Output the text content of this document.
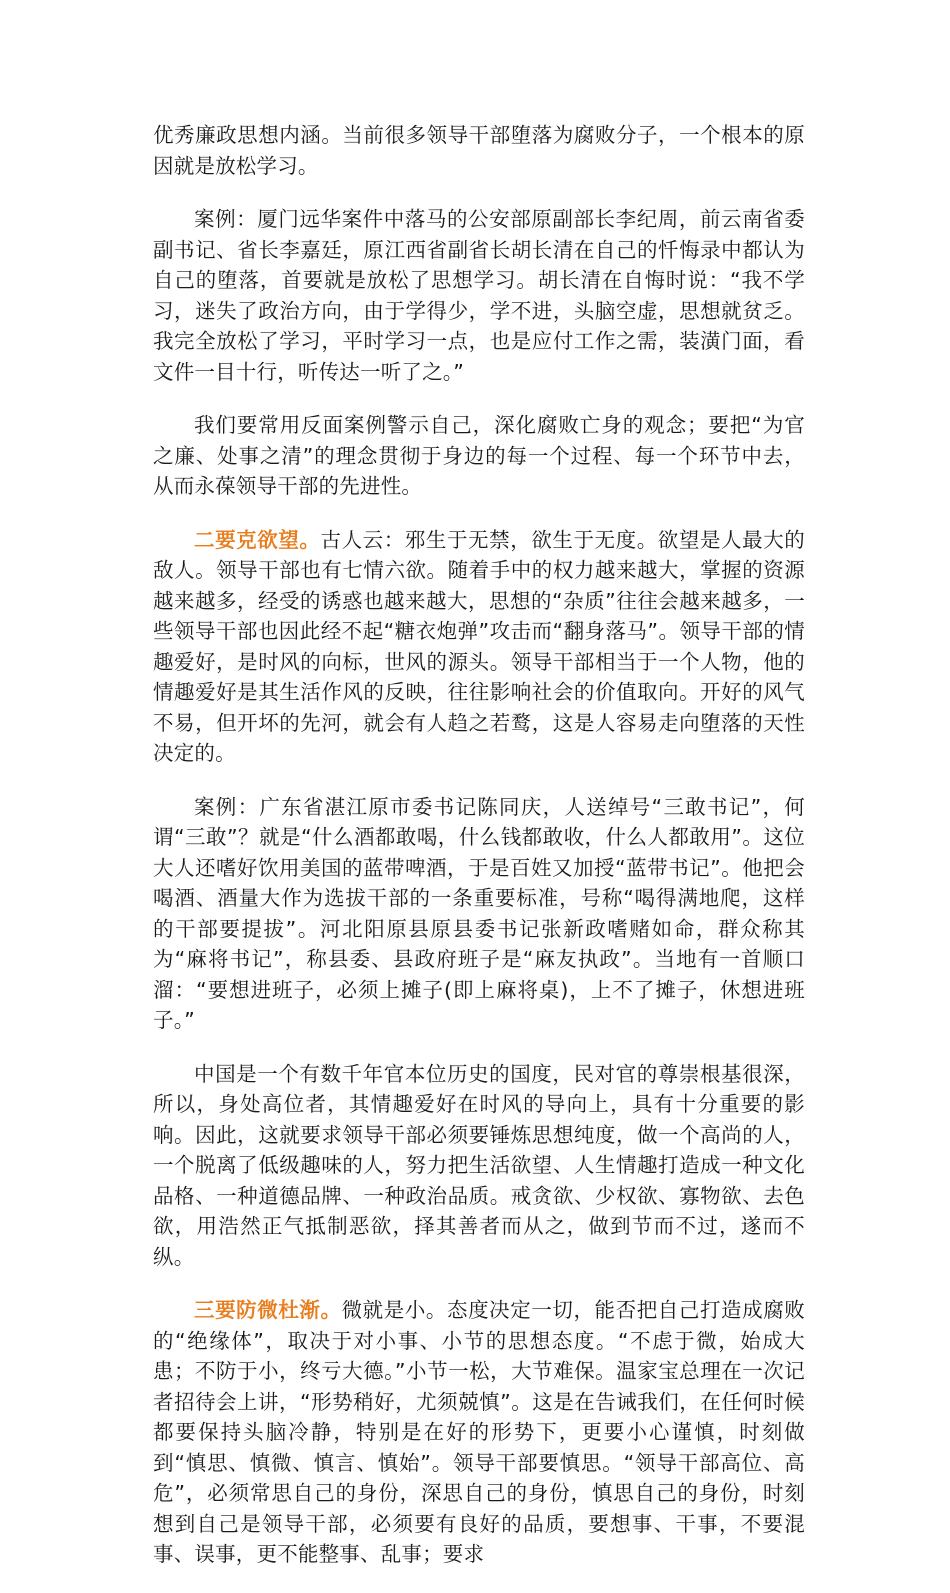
优秀廉政思想内涵。当前很多领导干部堕落为腐败分子，一个根本的原因就是放松学习。

案例：厦门远华案件中落马的公安部原副部长李纪周，前云南省委副书记、省长李嘉廷，原江西省副省长胡长清在自己的忏悔录中都认为自己的堕落，首要就是放松了思想学习。胡长清在自悔时说：“我不学习，迷失了政治方向，由于学得少，学不进，头脑空虚，思想就贫乏。我完全放松了学习，平时学习一点，也是应付工作之需，装潢门面，看文件一目十行，听传达一听了之。”

我们要常用反面案例警示自己，深化腐败亡身的观念；要把“为官之廉、处事之清”的理念贯彻于身边的每一个过程、每一个环节中去，从而永葆领导干部的先进性。

二要克欲望。古人云：邪生于无禁，欲生于无度。欲望是人最大的敌人。领导干部也有七情六欲。随着手中的权力越来越大，掌握的资源越来越多，经受的诱惑也越来越大，思想的“杂质”往往会越来越多，一些领导干部也因此经不起“糖衣炮弹”攻击而“翻身落马”。领导干部的情趣爱好，是时风的向标，世风的源头。领导干部相当于一个人物，他的情趣爱好是其生活作风的反映，往往影响社会的价值取向。开好的风气不易，但开坏的先河，就会有人趋之若鹜，这是人容易走向堕落的天性决定的。

案例：广东省湛江原市委书记陈同庆，人送绰号“三敢书记”，何谓“三敢”？就是“什么酒都敢喝，什么钱都敢收，什么人都敢用”。这位大人还嗜好饮用美国的蓝带啤酒，于是百姓又加授“蓝带书记”。他把会喝酒、酒量大作为选拔干部的一条重要标准，号称“喝得满地爬，这样的干部要提拔”。河北阳原县原县委书记张新政嗜赌如命，群众称其为“麻将书记”，称县委、县政府班子是“麻友执政”。当地有一首顺口溜：“要想进班子，必须上摊子(即上麻将桌)，上不了摊子，休想进班子。”

中国是一个有数千年官本位历史的国度，民对官的尊崇根基很深，所以，身处高位者，其情趣爱好在时风的导向上，具有十分重要的影响。因此，这就要求领导干部必须要锤炼思想纯度，做一个高尚的人，一个脱离了低级趣味的人，努力把生活欲望、人生情趣打造成一种文化品格、一种道德品牌、一种政治品质。戒贪欲、少权欲、寡物欲、去色欲，用浩然正气抵制恶欲，择其善者而从之，做到节而不过，遂而不纵。

三要防微杜渐。微就是小。态度决定一切，能否把自己打造成腐败的“绝缘体”，取决于对小事、小节的思想态度。“不虑于微，始成大患；不防于小，终亏大德。”小节一松，大节难保。温家宝总理在一次记者招待会上讲，“形势稍好，尤须兢慎”。这是在告诫我们，在任何时候都要保持头脑冷静，特别是在好的形势下，更要小心谨慎，时刻做到“慎思、慎微、慎言、慎始”。领导干部要慎思。“领导干部高位、高危”，必须常思自己的身份，深思自己的身份，慎思自己的身份，时刻想到自己是领导干部，必须要有良好的品质，要想事、干事，不要混事、误事，更不能整事、乱事；要求
